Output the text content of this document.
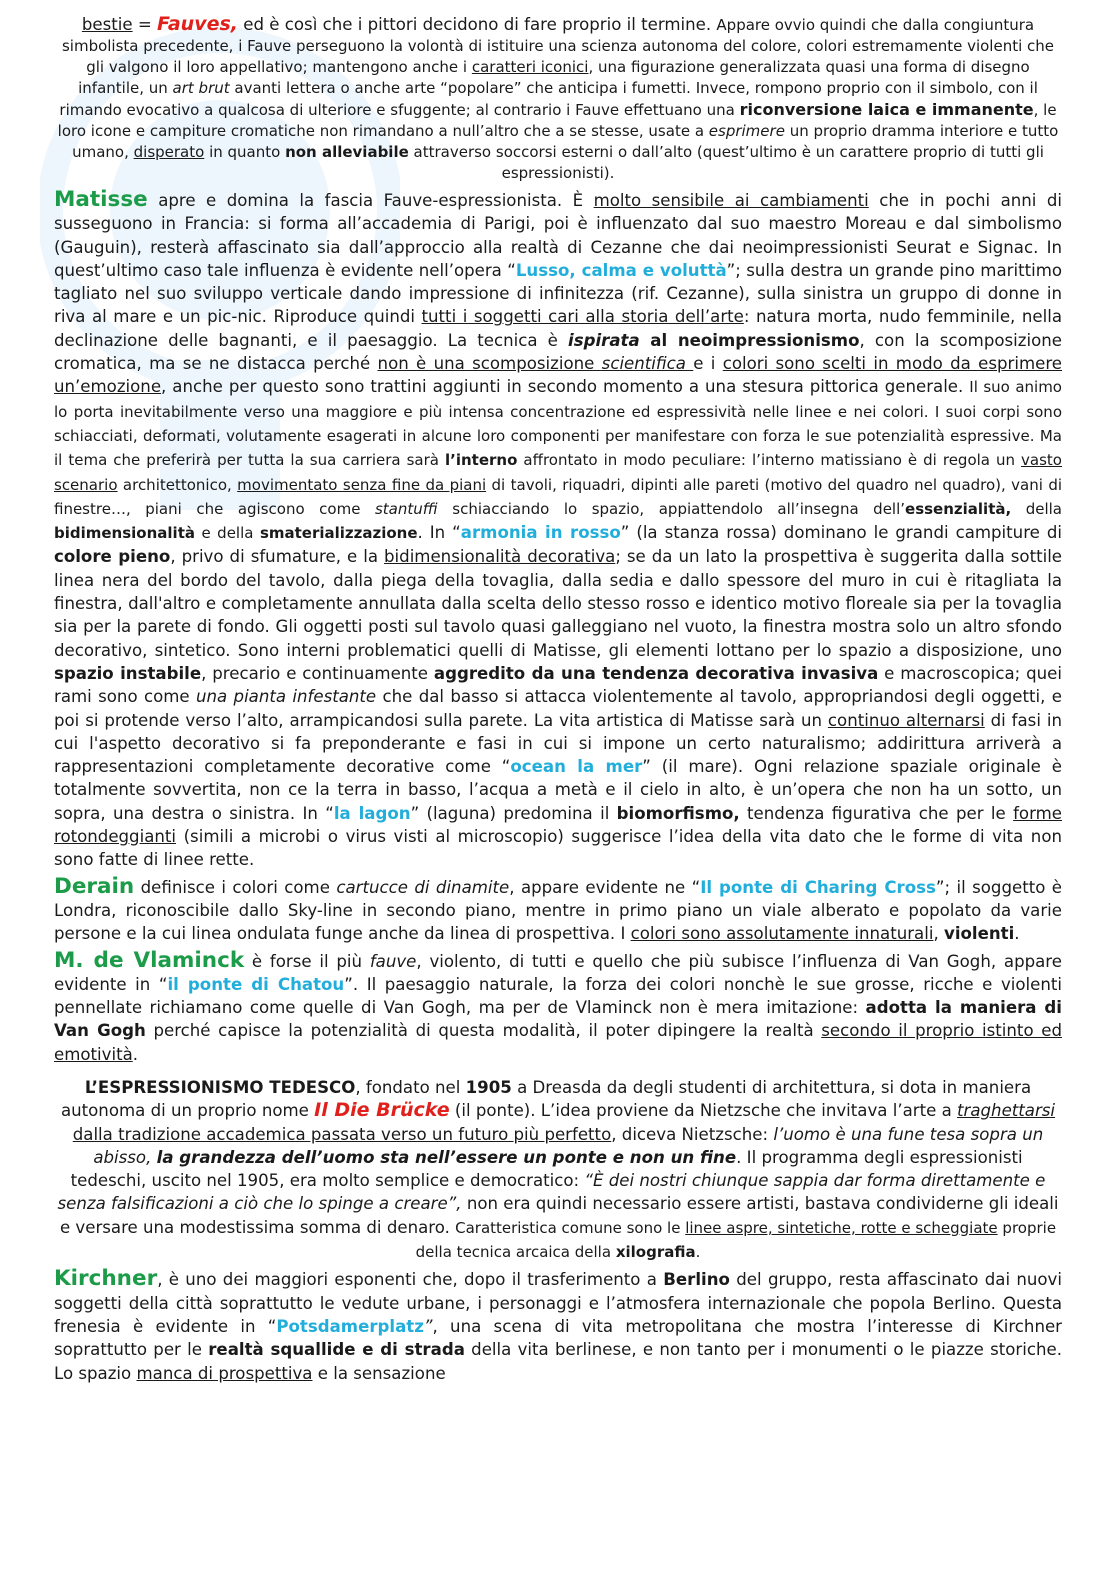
bestie = Fauves, ed è così che i pittori decidono di fare proprio il termine. Appare ovvio quindi che dalla congiuntura simbolista precedente, i Fauve perseguono la volontà di istituire una scienza autonoma del colore, colori estremamente violenti che gli valgono il loro appellativo; mantengono anche i caratteri iconici, una figurazione generalizzata quasi una forma di disegno infantile, un art brut avanti lettera o anche arte “popolare” che anticipa i fumetti. Invece, rompono proprio con il simbolo, con il rimando evocativo a qualcosa di ulteriore e sfuggente; al contrario i Fauve effettuano una riconversione laica e immanente, le loro icone e campiture cromatiche non rimandano a null’altro che a se stesse, usate a esprimere un proprio dramma interiore e tutto umano, disperato in quanto non alleviabile attraverso soccorsi esterni o dall’alto (quest’ultimo è un carattere proprio di tutti gli espressionisti).

Matisse apre e domina la fascia Fauve-espressionista. È molto sensibile ai cambiamenti che in pochi anni di susseguono in Francia: si forma all’accademia di Parigi, poi è influenzato dal suo maestro Moreau e dal simbolismo (Gauguin), resterà affascinato sia dall’approccio alla realtà di Cezanne che dai neoimpressionisti Seurat e Signac. In quest’ultimo caso tale influenza è evidente nell’opera “Lusso, calma e voluttà”; sulla destra un grande pino marittimo tagliato nel suo sviluppo verticale dando impressione di infinitezza (rif. Cezanne), sulla sinistra un gruppo di donne in riva al mare e un pic-nic. Riproduce quindi tutti i soggetti cari alla storia dell’arte: natura morta, nudo femminile, nella declinazione delle bagnanti, e il paesaggio. La tecnica è ispirata al neoimpressionismo, con la scomposizione cromatica, ma se ne distacca perché non è una scomposizione scientifica e i colori sono scelti in modo da esprimere un’emozione, anche per questo sono trattini aggiunti in secondo momento a una stesura pittorica generale. Il suo animo lo porta inevitabilmente verso una maggiore e più intensa concentrazione ed espressività nelle linee e nei colori. I suoi corpi sono schiacciati, deformati, volutamente esagerati in alcune loro componenti per manifestare con forza le sue potenzialità espressive. Ma il tema che preferirà per tutta la sua carriera sarà l’interno affrontato in modo peculiare: l’interno matissiano è di regola un vasto scenario architettonico, movimentato senza fine da piani di tavoli, riquadri, dipinti alle pareti (motivo del quadro nel quadro), vani di finestre…, piani che agiscono come stantuffi schiacciando lo spazio, appiattendolo all’insegna dell’essenzialità, della bidimensionalità e della smaterializzazione. In “armonia in rosso” (la stanza rossa) dominano le grandi campiture di colore pieno, privo di sfumature, e la bidimensionalità decorativa; se da un lato la prospettiva è suggerita dalla sottile linea nera del bordo del tavolo, dalla piega della tovaglia, dalla sedia e dallo spessore del muro in cui è ritagliata la finestra, dall'altro e completamente annullata dalla scelta dello stesso rosso e identico motivo floreale sia per la tovaglia sia per la parete di fondo. Gli oggetti posti sul tavolo quasi galleggiano nel vuoto, la finestra mostra solo un altro sfondo decorativo, sintetico. Sono interni problematici quelli di Matisse, gli elementi lottano per lo spazio a disposizione, uno spazio instabile, precario e continuamente aggredito da una tendenza decorativa invasiva e macroscopica; quei rami sono come una pianta infestante che dal basso si attacca violentemente al tavolo, appropriandosi degli oggetti, e poi si protende verso l’alto, arrampicandosi sulla parete. La vita artistica di Matisse sarà un continuo alternarsi di fasi in cui l'aspetto decorativo si fa preponderante e fasi in cui si impone un certo naturalismo; addirittura arriverà a rappresentazioni completamente decorative come “ocean la mer” (il mare). Ogni relazione spaziale originale è totalmente sovvertita, non ce la terra in basso, l’acqua a metà e il cielo in alto, è un’opera che non ha un sotto, un sopra, una destra o sinistra. In “la lagon” (laguna) predomina il biomorfismo, tendenza figurativa che per le forme rotondeggianti (simili a microbi o virus visti al microscopio) suggerisce l’idea della vita dato che le forme di vita non sono fatte di linee rette.

Derain definisce i colori come cartucce di dinamite, appare evidente ne “Il ponte di Charing Cross”; il soggetto è Londra, riconoscibile dallo Sky-line in secondo piano, mentre in primo piano un viale alberato e popolato da varie persone e la cui linea ondulata funge anche da linea di prospettiva. I colori sono assolutamente innaturali, violenti.

M. de Vlaminck è forse il più fauve, violento, di tutti e quello che più subisce l’influenza di Van Gogh, appare evidente in “il ponte di Chatou”. Il paesaggio naturale, la forza dei colori nonchè le sue grosse, ricche e violenti pennellate richiamano come quelle di Van Gogh, ma per de Vlaminck non è mera imitazione: adotta la maniera di Van Gogh perché capisce la potenzialità di questa modalità, il poter dipingere la realtà secondo il proprio istinto ed emotività.

L’ESPRESSIONISMO TEDESCO, fondato nel 1905 a Dreasda da degli studenti di architettura, si dota in maniera autonoma di un proprio nome Il Die Brücke (il ponte). L’idea proviene da Nietzsche che invitava l’arte a traghettarsi dalla tradizione accademica passata verso un futuro più perfetto, diceva Nietzsche: l’uomo è una fune tesa sopra un abisso, la grandezza dell’uomo sta nell’essere un ponte e non un fine. Il programma degli espressionisti tedeschi, uscito nel 1905, era molto semplice e democratico: “È dei nostri chiunque sappia dar forma direttamente e senza falsificazioni a ciò che lo spinge a creare”, non era quindi necessario essere artisti, bastava condividerne gli ideali e versare una modestissima somma di denaro. Caratteristica comune sono le linee aspre, sintetiche, rotte e scheggiate proprie della tecnica arcaica della xilografia.

Kirchner, è uno dei maggiori esponenti che, dopo il trasferimento a Berlino del gruppo, resta affascinato dai nuovi soggetti della città soprattutto le vedute urbane, i personaggi e l’atmosfera internazionale che popola Berlino. Questa frenesia è evidente in “Potsdamerplatz”, una scena di vita metropolitana che mostra l’interesse di Kirchner soprattutto per le realtà squallide e di strada della vita berlinese, e non tanto per i monumenti o le piazze storiche. Lo spazio manca di prospettiva e la sensazione
